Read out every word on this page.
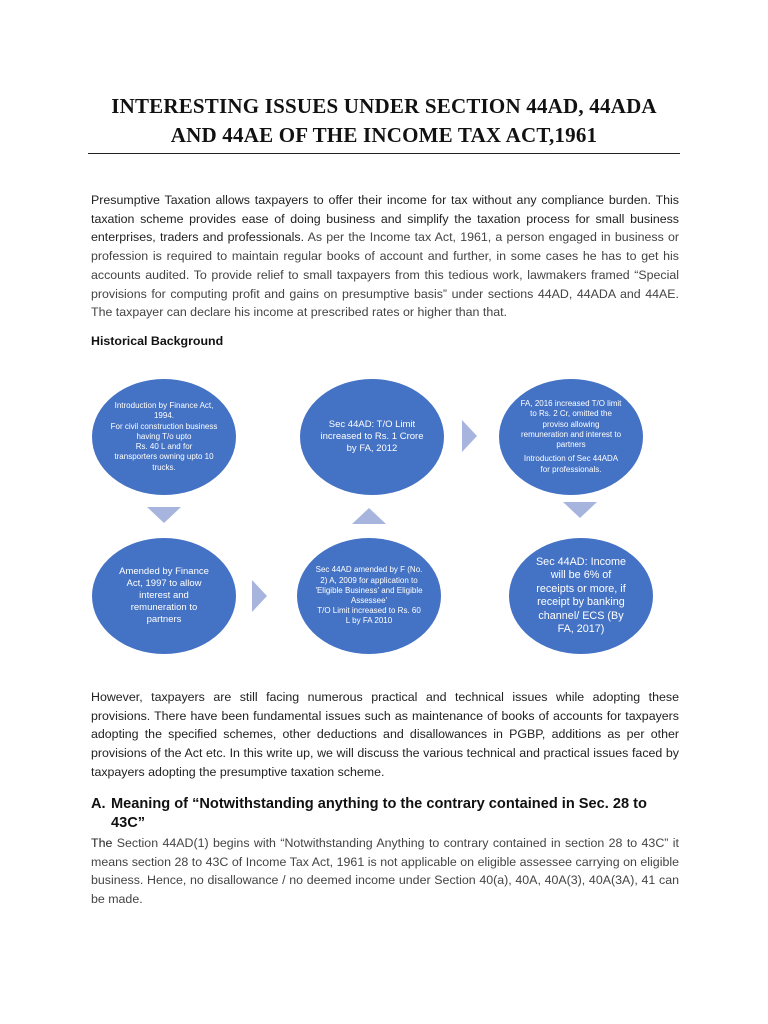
INTERESTING ISSUES UNDER SECTION 44AD, 44ADA
AND 44AE OF THE INCOME TAX ACT,1961

Presumptive Taxation allows taxpayers to offer their income for tax without any compliance burden. This taxation scheme provides ease of doing business and simplify the taxation process for small business enterprises, traders and professionals. As per the Income tax Act, 1961, a person engaged in business or profession is required to maintain regular books of account and further, in some cases he has to get his accounts audited. To provide relief to small taxpayers from this tedious work, lawmakers framed “Special provisions for computing profit and gains on presumptive basis” under sections 44AD, 44ADA and 44AE. The taxpayer can declare his income at prescribed rates or higher than that.

Historical Background
Introduction by Finance Act, 1994.
For civil construction business having T/o upto
Rs. 40 L and for
transporters owning upto 10 trucks.
Sec 44AD: T/O Limit increased to Rs. 1 Crore by FA, 2012
FA, 2016 increased T/O limit to Rs. 2 Cr, omitted the proviso allowing remuneration and interest to partners
Introduction of Sec 44ADA for professionals.
Amended by Finance Act, 1997 to allow interest and remuneration to partners
Sec 44AD amended by F (No. 2) A, 2009 for application to 'Eligible Business' and Eligible Assessee'
T/O Limit increased to Rs. 60 L by FA 2010
Sec 44AD: Income will be 6% of receipts or more, if receipt by banking channel/ ECS (By FA, 2017)

However, taxpayers are still facing numerous practical and technical issues while adopting these provisions. There have been fundamental issues such as maintenance of books of accounts for taxpayers adopting the specified schemes, other deductions and disallowances in PGBP, additions as per other provisions of the Act etc. In this write up, we will discuss the various technical and practical issues faced by taxpayers adopting the presumptive taxation scheme.

A. Meaning of “Notwithstanding anything to the contrary contained in Sec. 28 to
43C”

The Section 44AD(1) begins with “Notwithstanding Anything to contrary contained in section 28 to 43C” it means section 28 to 43C of Income Tax Act, 1961 is not applicable on eligible assessee carrying on eligible business. Hence, no disallowance / no deemed income under Section 40(a), 40A, 40A(3), 40A(3A), 41 can be made.
